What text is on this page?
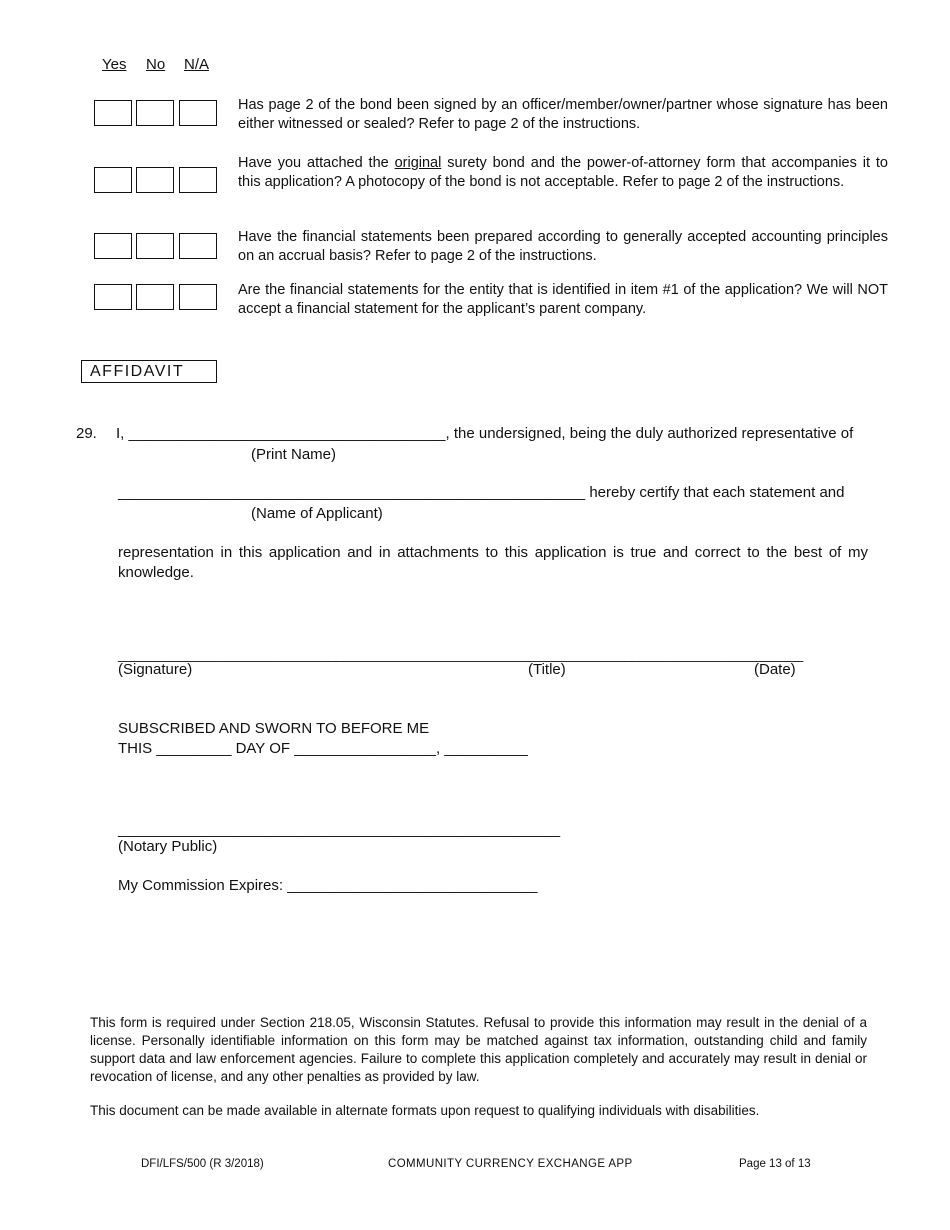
Yes No N/A
Has page 2 of the bond been signed by an officer/member/owner/partner whose signature has been either witnessed or sealed? Refer to page 2 of the instructions.
Have you attached the original surety bond and the power-of-attorney form that accompanies it to this application? A photocopy of the bond is not acceptable. Refer to page 2 of the instructions.
Have the financial statements been prepared according to generally accepted accounting principles on an accrual basis? Refer to page 2 of the instructions.
Are the financial statements for the entity that is identified in item #1 of the application? We will NOT accept a financial statement for the applicant’s parent company.
AFFIDAVIT
29. I, ______________________________________, the undersigned, being the duly authorized representative of
(Print Name)
________________________________________________________ hereby certify that each statement and
(Name of Applicant)
representation in this application and in attachments to this application is true and correct to the best of my knowledge.
________________________________________________________________________________________
(Signature)	(Title)	(Date)
SUBSCRIBED AND SWORN TO BEFORE ME
THIS _________ DAY OF _________________, __________
_____________________________________________________
(Notary Public)
My Commission Expires: ______________________________
This form is required under Section 218.05, Wisconsin Statutes. Refusal to provide this information may result in the denial of a license. Personally identifiable information on this form may be matched against tax information, outstanding child and family support data and law enforcement agencies. Failure to complete this application completely and accurately may result in denial or revocation of license, and any other penalties as provided by law.
This document can be made available in alternate formats upon request to qualifying individuals with disabilities.
DFI/LFS/500 (R 3/2018)	COMMUNITY CURRENCY EXCHANGE APP	Page 13 of 13
